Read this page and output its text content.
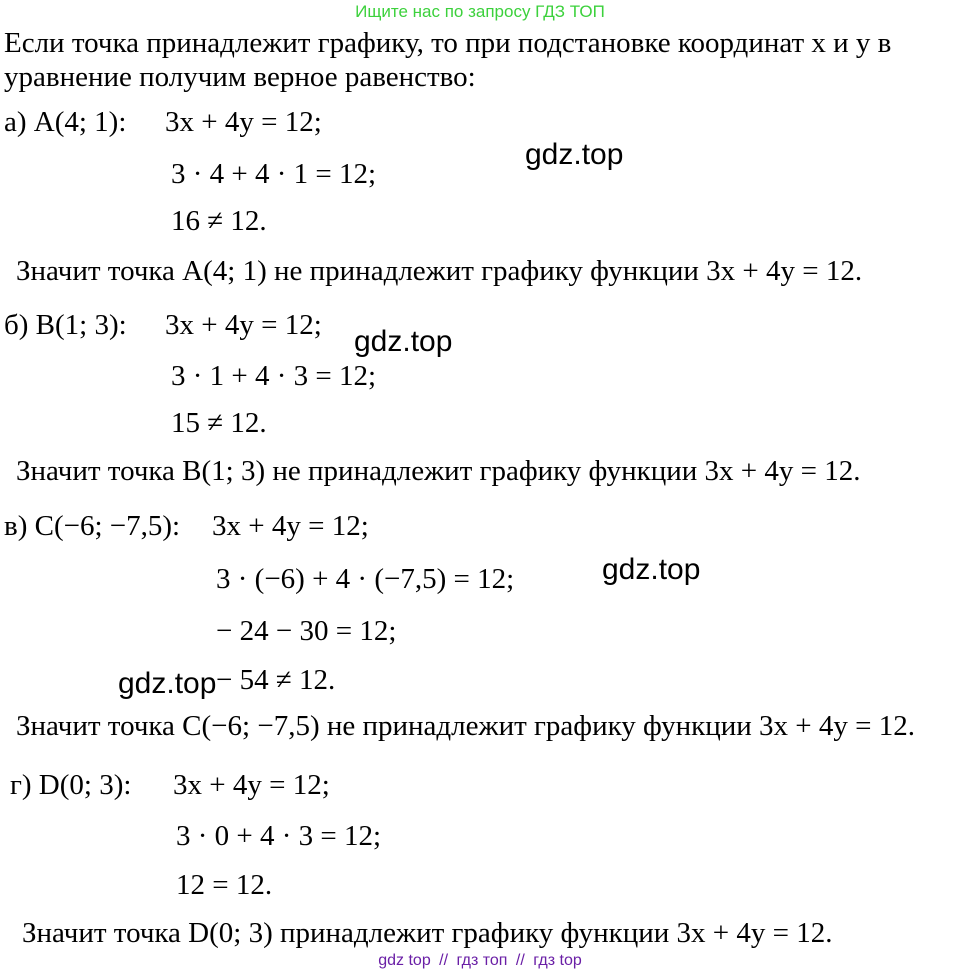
Ищите нас по запросу ГДЗ ТОП
Если точка принадлежит графику, то при подстановке координат x и y в
уравнение получим верное равенство:
а) A(4; 1): 3x + 4y = 12;
3 · 4 + 4 · 1 = 12;
16 ≠ 12.
Значит точка A(4; 1) не принадлежит графику функции 3x + 4y = 12.
б) B(1; 3): 3x + 4y = 12;
3 · 1 + 4 · 3 = 12;
15 ≠ 12.
Значит точка B(1; 3) не принадлежит графику функции 3x + 4y = 12.
в) C(−6; −7,5): 3x + 4y = 12;
3 · (−6) + 4 · (−7,5) = 12;
− 24 − 30 = 12;
− 54 ≠ 12.
Значит точка C(−6; −7,5) не принадлежит графику функции 3x + 4y = 12.
г) D(0; 3): 3x + 4y = 12;
3 · 0 + 4 · 3 = 12;
12 = 12.
Значит точка D(0; 3) принадлежит графику функции 3x + 4y = 12.
gdz.top
gdz.top
gdz.top
gdz.top
gdz top // гдз топ // гдз top
